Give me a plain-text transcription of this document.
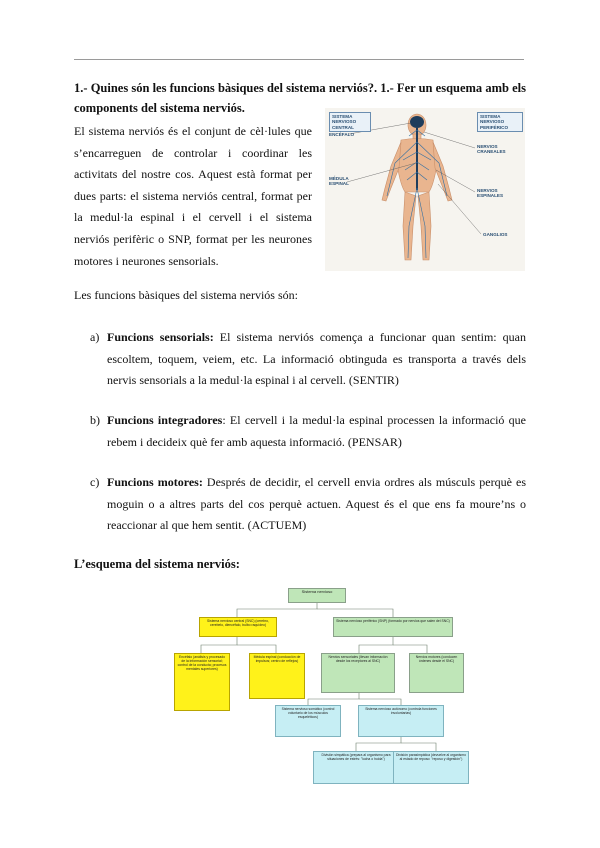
1.- Quines són les funcions bàsiques del sistema nerviós?. 1.- Fer un esquema amb els components del sistema nerviós.
El sistema nerviós és el conjunt de cèl·lules que s’encarreguen de controlar i coordinar les activitats del nostre cos. Aquest està format per dues parts: el sistema nerviós central, format per la medul·la espinal i el cervell i el sistema nerviós perifèric o SNP, format per les neurones motores i neurones sensorials.
SISTEMA NERVIOSO CENTRAL
ENCÉFALO
MÉDULA ESPINAL
SISTEMA NERVIOSO PERIFÉRICO
NERVIOS CRANEALES
NERVIOS ESPINALES
GANGLIOS
Les funcions bàsiques del sistema nerviós són:
a) Funcions sensorials: El sistema nerviós comença a funcionar quan sentim: quan escoltem, toquem, veiem, etc. La informació obtinguda es transporta a través dels nervis sensorials a la medul·la espinal i al cervell. (SENTIR)
b) Funcions integradores: El cervell i la medul·la espinal processen la informació que rebem i decideix què fer amb aquesta informació. (PENSAR)
c) Funcions motores: Després de decidir, el cervell envia ordres als músculs perquè es moguin o a altres parts del cos perquè actuen. Aquest és el que ens fa moure’ns o reaccionar al que hem sentit. (ACTUEM)
L’esquema del sistema nerviós:
Sistema nervioso
Sistema nervioso central (SNC) (cerebro, cerebelo, diencéfalo, bulbo raquídeo)
Encéfalo (análisis y procesado de la información sensorial; control de la conducta; procesos mentales superiores)
Médula espinal (conducción de impulsos; centro de reflejos)
Sistema nervioso periférico (SNP) (formado por nervios que salen del SNC)
Nervios sensoriales (llevan información desde los receptores al SNC)
Nervios motores (conducen órdenes desde el SNC)
Sistema nervioso somático (control voluntario de los músculos esqueléticos)
Sistema nervioso autónomo (controla funciones involuntarias)
División simpática (prepara al organismo para situaciones de estrés: "lucha o huida")
División parasimpática (devuelve al organismo al estado de reposo: "reposo y digestión")
